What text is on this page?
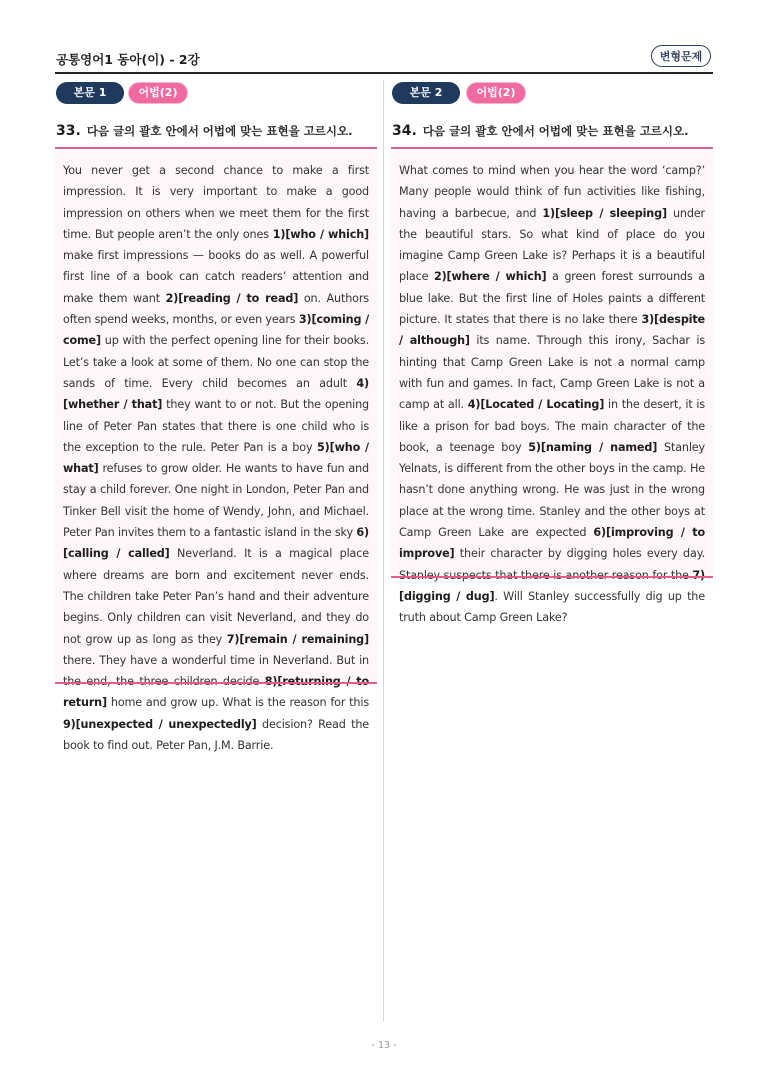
공통영어1 동아(이) - 2강	변형문제
본문 1	어법(2)
33. 다음 글의 괄호 안에서 어법에 맞는 표현을 고르시오.
You never get a second chance to make a first impression. It is very important to make a good impression on others when we meet them for the first time. But people aren’t the only ones 1)[who / which] make first impressions — books do as well. A powerful first line of a book can catch readers’ attention and make them want 2)[reading / to read] on. Authors often spend weeks, months, or even years 3)[coming / come] up with the perfect opening line for their books. Let’s take a look at some of them. No one can stop the sands of time. Every child becomes an adult 4)[whether / that] they want to or not. But the opening line of Peter Pan states that there is one child who is the exception to the rule. Peter Pan is a boy 5)[who / what] refuses to grow older. He wants to have fun and stay a child forever. One night in London, Peter Pan and Tinker Bell visit the home of Wendy, John, and Michael. Peter Pan invites them to a fantastic island in the sky 6)[calling / called] Neverland. It is a magical place where dreams are born and excitement never ends. The children take Peter Pan’s hand and their adventure begins. Only children can visit Neverland, and they do not grow up as long as they 7)[remain / remaining] there. They have a wonderful time in Neverland. But in return] home and grow up. What is the reason for this 9)[unexpected / unexpectedly] decision? Read the book to find out. Peter Pan, J.M. Barrie.
본문 2	어법(2)
34. 다음 글의 괄호 안에서 어법에 맞는 표현을 고르시오.
What comes to mind when you hear the word ‘camp?’ Many people would think of fun activities like fishing, having a barbecue, and 1)[sleep / sleeping] under the beautiful stars. So what kind of place do you imagine Camp Green Lake is? Perhaps it is a beautiful place 2)[where / which] a green forest surrounds a blue lake. But the first line of Holes paints a different picture. It states that there is no lake there 3)[despite / although] its name. Through this irony, Sachar is hinting that Camp Green Lake is not a normal camp with fun and games. In fact, Camp Green Lake is not a camp at all. 4)[Located / Locating] in the desert, it is like a prison for bad boys. The main character of the book, a teenage boy 5)[naming / named] Stanley Yelnats, is different from the other boys in the camp. He hasn’t done anything wrong. He was just in the wrong place at the wrong time. Stanley and the other boys at Camp Green Lake are expected 6)[improving / to improve] their character by digging holes every day. [digging / dug]. Will Stanley successfully dig up the truth about Camp Green Lake?
- 13 -
